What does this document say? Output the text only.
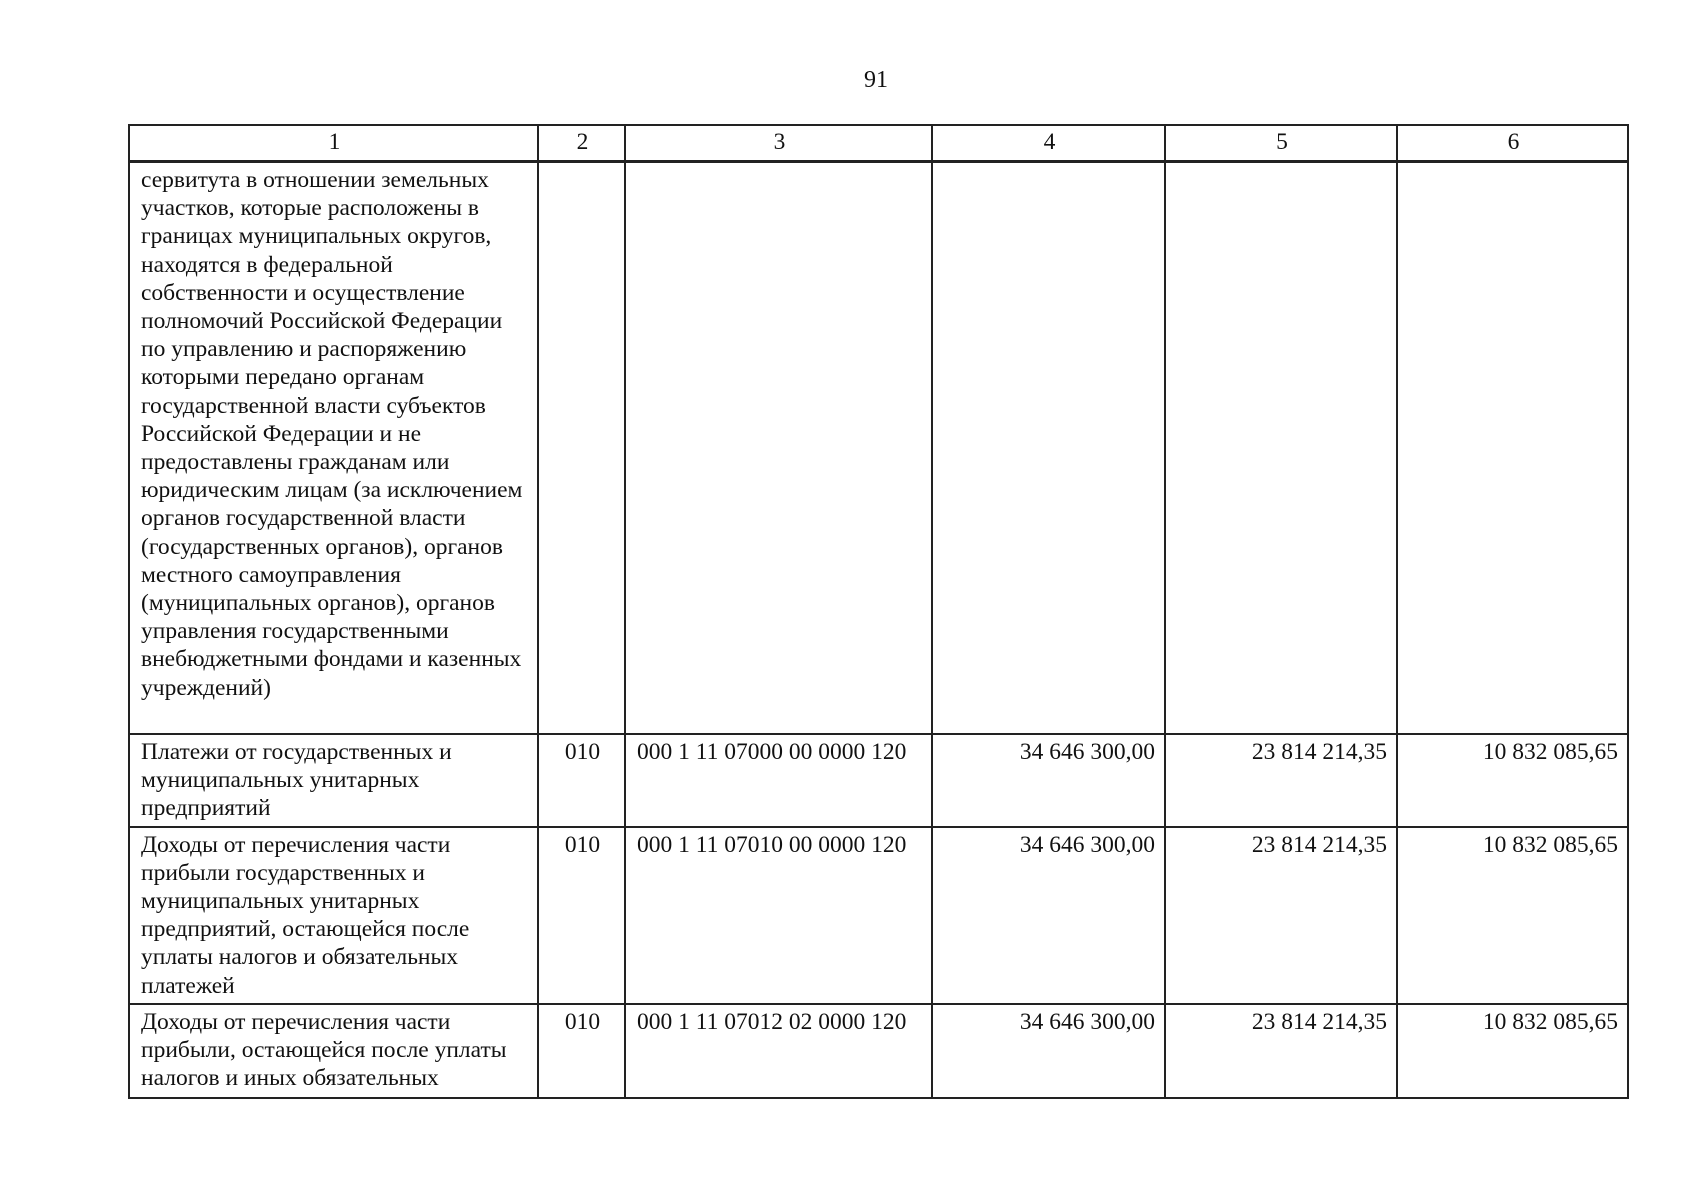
91
1	2	3	4	5	6
сервитута в отношении земельных участков, которые расположены в границах муниципальных округов, находятся в федеральной собственности и осуществление полномочий Российской Федерации по управлению и распоряжению которыми передано органам государственной власти субъектов Российской Федерации и не предоставлены гражданам или юридическим лицам (за исключением органов государственной власти (государственных органов), органов местного самоуправления (муниципальных органов), органов управления государственными внебюджетными фондами и казенных учреждений)					
Платежи от государственных и муниципальных унитарных предприятий	010	000 1 11 07000 00 0000 120	34 646 300,00	23 814 214,35	10 832 085,65
Доходы от перечисления части прибыли государственных и муниципальных унитарных предприятий, остающейся после уплаты налогов и обязательных платежей	010	000 1 11 07010 00 0000 120	34 646 300,00	23 814 214,35	10 832 085,65
Доходы от перечисления части прибыли, остающейся после уплаты налогов и иных обязательных	010	000 1 11 07012 02 0000 120	34 646 300,00	23 814 214,35	10 832 085,65
